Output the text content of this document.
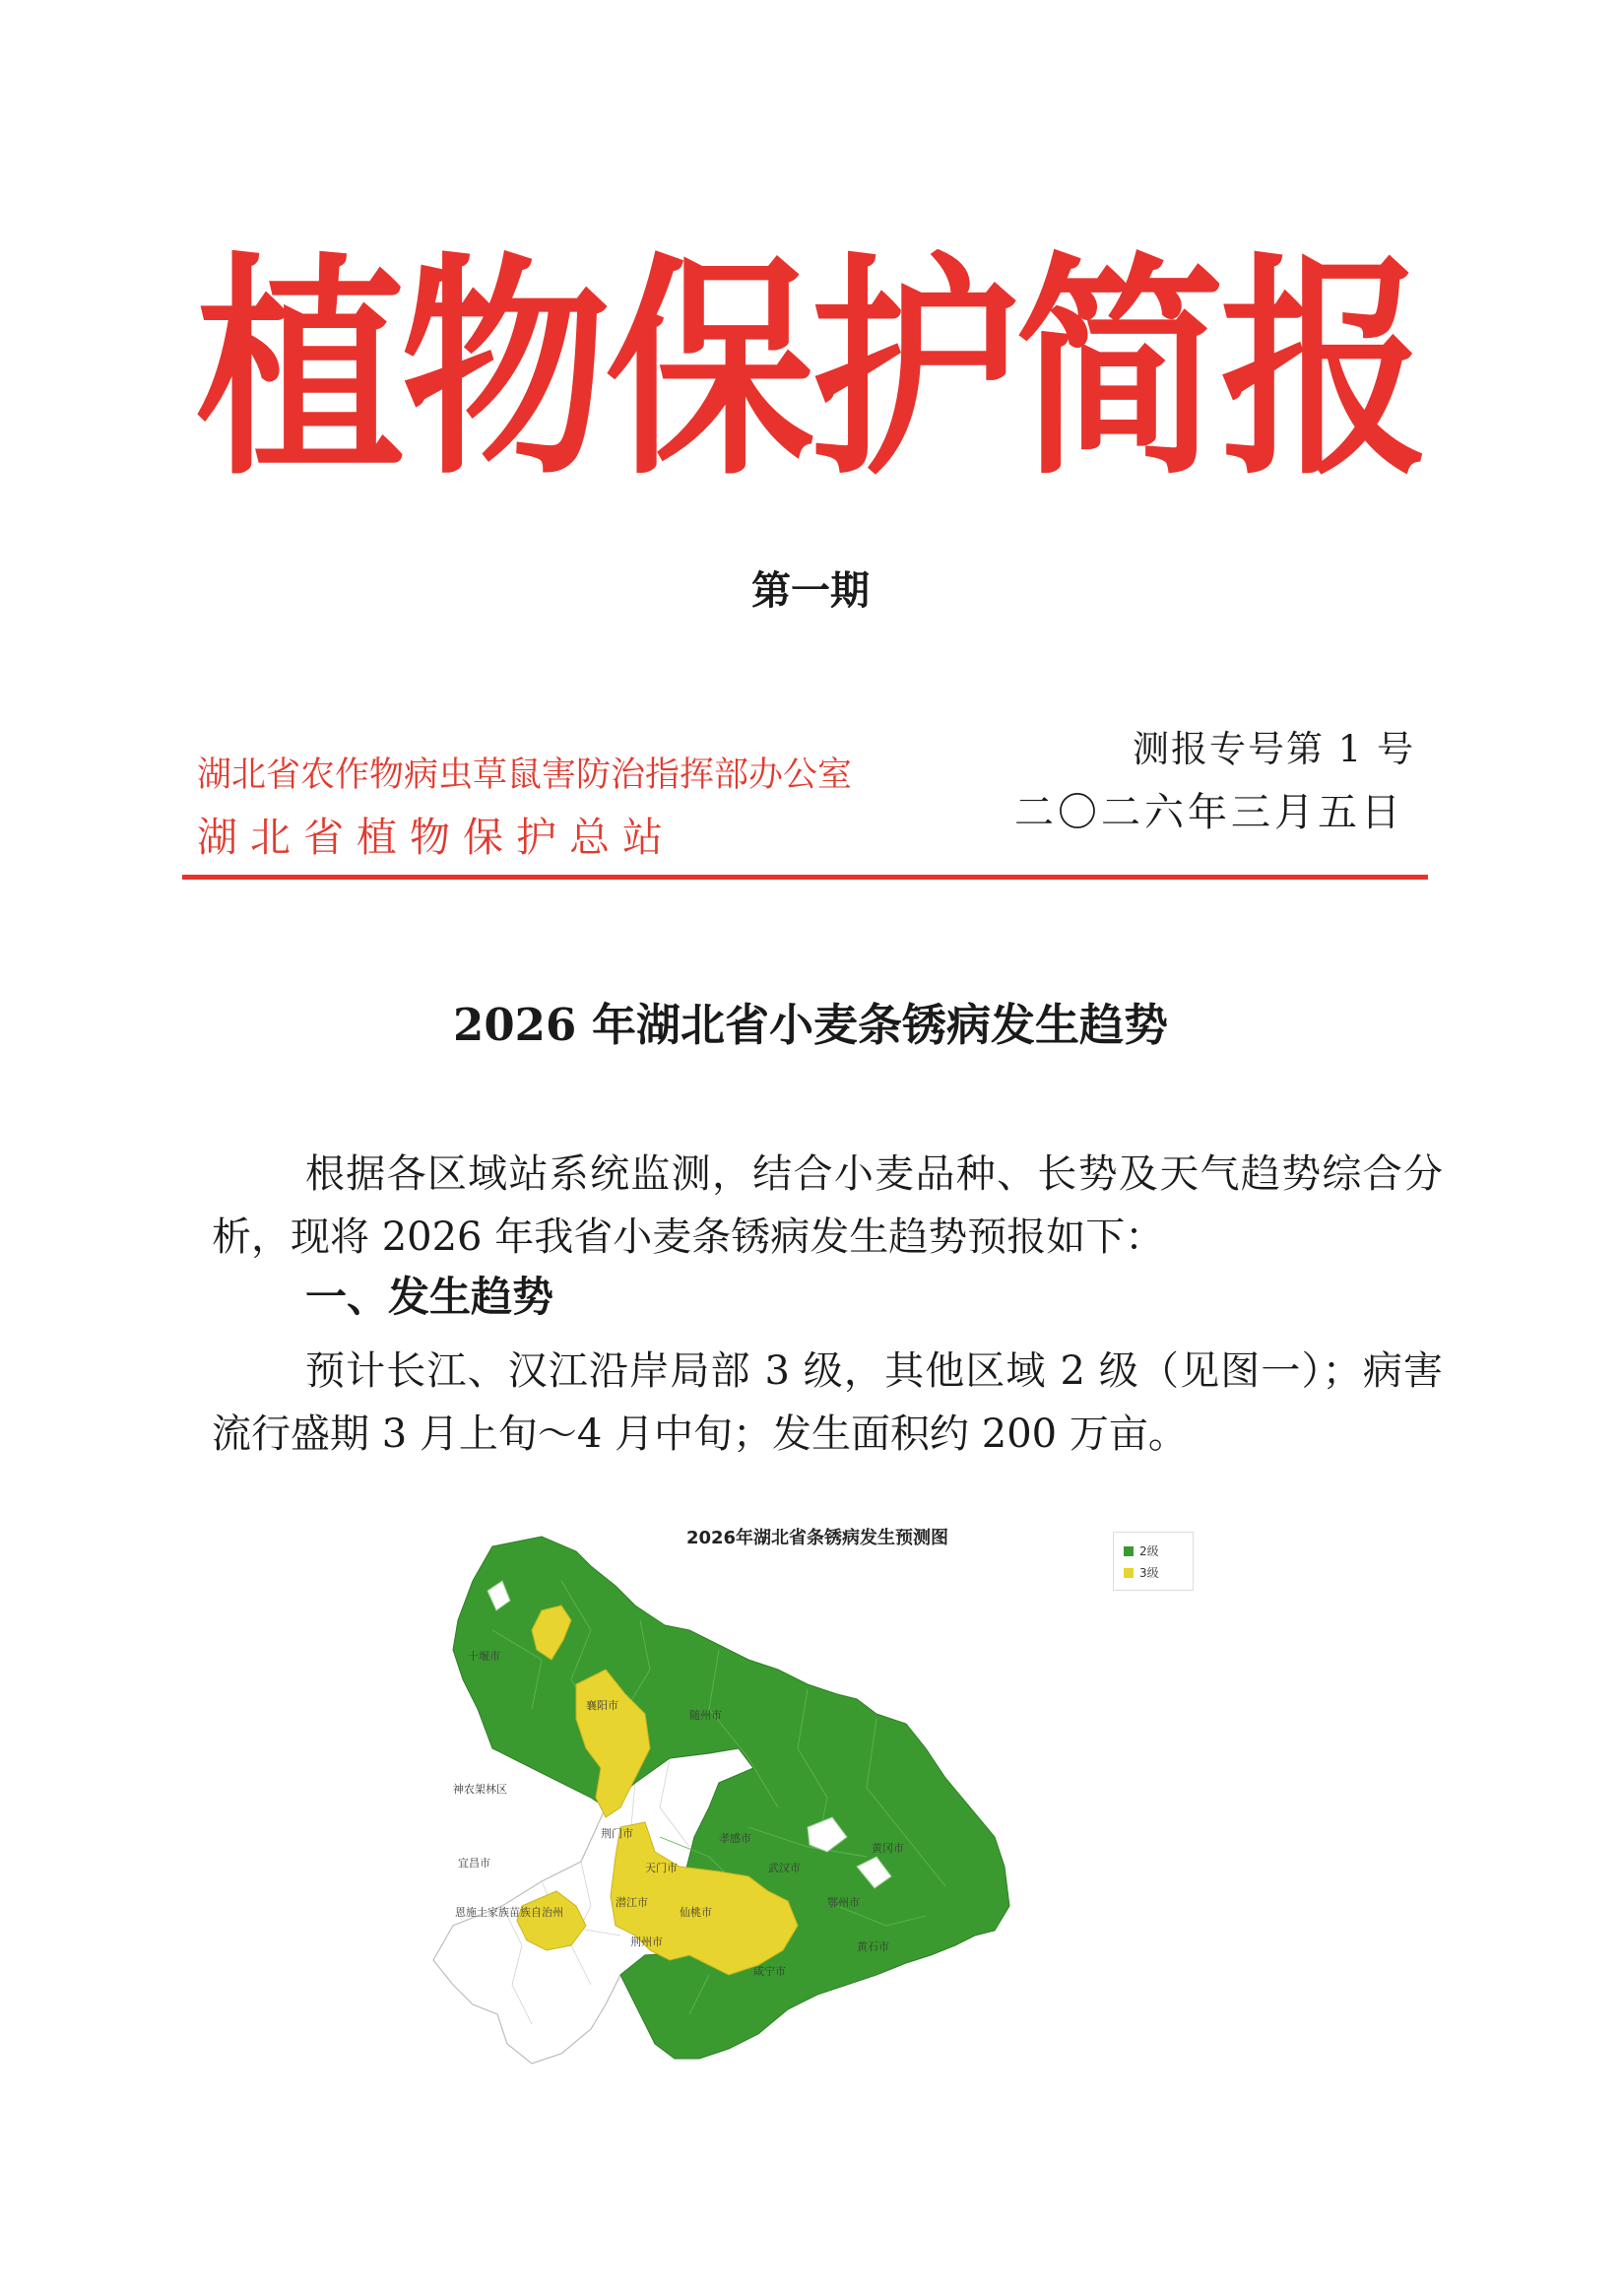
植物保护简报
第一期
湖北省农作物病虫草鼠害防治指挥部办公室
湖北省植物保护总站
测报专号第 1 号
二〇二六年三月五日
2026 年湖北省小麦条锈病发生趋势
根据各区域站系统监测，结合小麦品种、长势及天气趋势综合分析，现将 2026 年我省小麦条锈病发生趋势预报如下：
一、发生趋势
预计长江、汉江沿岸局部 3 级，其他区域 2 级（见图一）；病害流行盛期 3 月上旬～4 月中旬；发生面积约 200 万亩。
2026年湖北省条锈病发生预测图
2级
3级
十堰市
襄阳市
随州市
神农架林区
荆门市	孝感市
宜昌市	天门市	武汉市
黄冈市
恩施土家族苗族自治州
潜江市
仙桃市
鄂州市
荆州市	黄石市
咸宁市
